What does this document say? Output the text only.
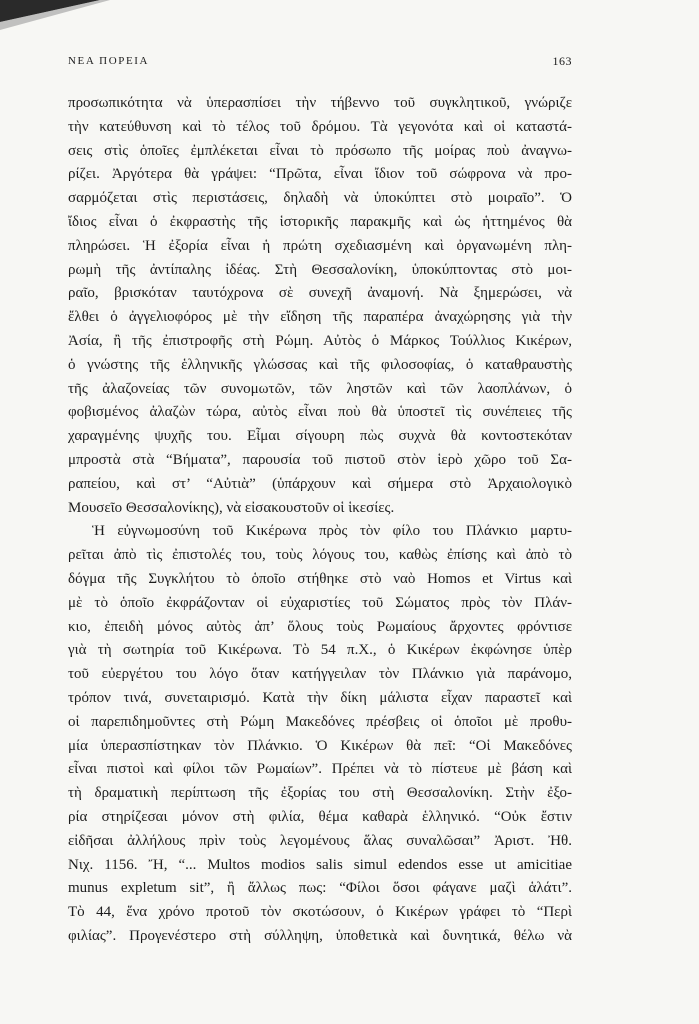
ΝΕΑ ΠΟΡΕΙΑ	163
προσωπικότητα νὰ ὑπερασπίσει τὴν τήβεννο τοῦ συγκλητικοῦ, γνώριζε
τὴν κατεύθυνση καὶ τὸ τέλος τοῦ δρόμου. Τὰ γεγονότα καὶ οἱ καταστά-
σεις στὶς ὁποῖες ἐμπλέκεται εἶναι τὸ πρόσωπο τῆς μοίρας ποὺ ἀναγνω-
ρίζει. Ἀργότερα θὰ γράψει: “Πρῶτα, εἶναι ἴδιον τοῦ σώφρονα νὰ προ-
σαρμόζεται στὶς περιστάσεις, δηλαδὴ νὰ ὑποκύπτει στὸ μοιραῖο”. Ὁ
ἴδιος εἶναι ὁ ἐκφραστὴς τῆς ἱστορικῆς παρακμῆς καὶ ὡς ἡττημένος θὰ
πληρώσει. Ἡ ἐξορία εἶναι ἡ πρώτη σχεδιασμένη καὶ ὀργανωμένη πλη-
ρωμὴ τῆς ἀντίπαλης ἰδέας. Στὴ Θεσσαλονίκη, ὑποκύπτοντας στὸ μοι-
ραῖο, βρισκόταν ταυτόχρονα σὲ συνεχῆ ἀναμονή. Νὰ ξημερώσει, νὰ
ἔλθει ὁ ἀγγελιοφόρος μὲ τὴν εἴδηση τῆς παραπέρα ἀναχώρησης γιὰ τὴν
Ἀσία, ἢ τῆς ἐπιστροφῆς στὴ Ρώμη. Αὐτὸς ὁ Μάρκος Τούλλιος Κικέρων,
ὁ γνώστης τῆς ἑλληνικῆς γλώσσας καὶ τῆς φιλοσοφίας, ὁ καταθραυστὴς
τῆς ἀλαζονείας τῶν συνομωτῶν, τῶν ληστῶν καὶ τῶν λαοπλάνων, ὁ
φοβισμένος ἀλαζὼν τώρα, αὐτὸς εἶναι ποὺ θὰ ὑποστεῖ τὶς συνέπειες τῆς
χαραγμένης ψυχῆς του. Εἶμαι σίγουρη πὼς συχνὰ θὰ κοντοστεκόταν
μπροστὰ στὰ “Βήματα”, παρουσία τοῦ πιστοῦ στὸν ἱερὸ χῶρο τοῦ Σα-
ραπείου, καὶ στ’ “Αὐτιὰ” (ὑπάρχουν καὶ σήμερα στὸ Ἀρχαιολογικὸ
Μουσεῖο Θεσσαλονίκης), νὰ εἰσακουστοῦν οἱ ἱκεσίες.
Ἡ εὐγνωμοσύνη τοῦ Κικέρωνα πρὸς τὸν φίλο του Πλάνκιο μαρτυ-
ρεῖται ἀπὸ τὶς ἐπιστολές του, τοὺς λόγους του, καθὼς ἐπίσης καὶ ἀπὸ τὸ
δόγμα τῆς Συγκλήτου τὸ ὁποῖο στήθηκε στὸ ναὸ Homos et Virtus καὶ
μὲ τὸ ὁποῖο ἐκφράζονταν οἱ εὐχαριστίες τοῦ Σώματος πρὸς τὸν Πλάν-
κιο, ἐπειδὴ μόνος αὐτὸς ἀπ’ ὅλους τοὺς Ρωμαίους ἄρχοντες φρόντισε
γιὰ τὴ σωτηρία τοῦ Κικέρωνα. Τὸ 54 π.Χ., ὁ Κικέρων ἐκφώνησε ὑπὲρ
τοῦ εὐεργέτου του λόγο ὅταν κατήγγειλαν τὸν Πλάνκιο γιὰ παράνομο,
τρόπον τινά, συνεταιρισμό. Κατὰ τὴν δίκη μάλιστα εἶχαν παραστεῖ καὶ
οἱ παρεπιδημοῦντες στὴ Ρώμη Μακεδόνες πρέσβεις οἱ ὁποῖοι μὲ προθυ-
μία ὑπερασπίστηκαν τὸν Πλάνκιο. Ὁ Κικέρων θὰ πεῖ: “Οἱ Μακεδόνες
εἶναι πιστοὶ καὶ φίλοι τῶν Ρωμαίων”. Πρέπει νὰ τὸ πίστευε μὲ βάση καὶ
τὴ δραματικὴ περίπτωση τῆς ἐξορίας του στὴ Θεσσαλονίκη. Στὴν ἐξο-
ρία στηρίζεσαι μόνον στὴ φιλία, θέμα καθαρὰ ἑλληνικό. “Οὐκ ἔστιν
εἰδῆσαι ἀλλήλους πρὶν τοὺς λεγομένους ἅλας συναλῶσαι” Ἀριστ. Ἠθ.
Νιχ. 1156. Ἤ, “... Multos modios salis simul edendos esse ut amicitiae
munus expletum sit”, ἢ ἄλλως πως: “Φίλοι ὅσοι φάγανε μαζὶ ἁλάτι”.
Τὸ 44, ἕνα χρόνο προτοῦ τὸν σκοτώσουν, ὁ Κικέρων γράφει τὸ “Περὶ
φιλίας”. Προγενέστερο στὴ σύλληψη, ὑποθετικὰ καὶ δυνητικά, θέλω νὰ
